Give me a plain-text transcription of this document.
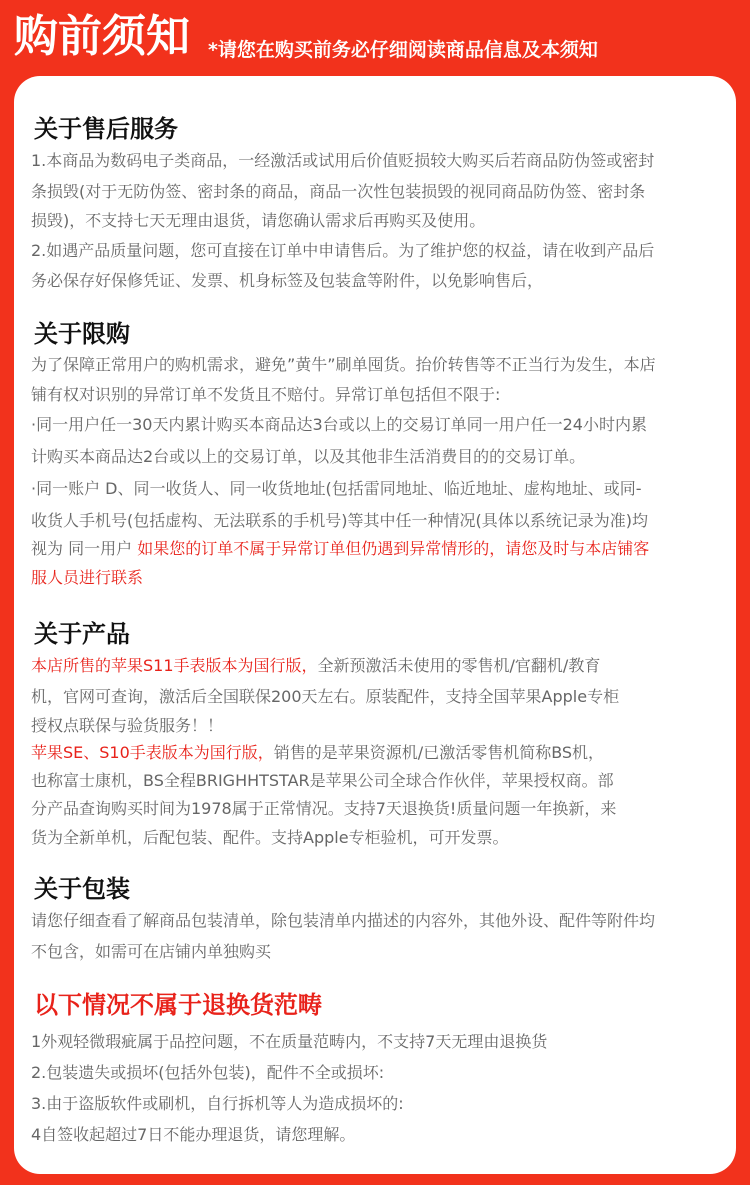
购前须知 *请您在购买前务必仔细阅读商品信息及本须知
关于售后服务
1.本商品为数码电子类商品，一经激活或试用后价值贬损较大购买后若商品防伪签或密封
条损毁(对于无防伪签、密封条的商品，商品一次性包装损毁的视同商品防伪签、密封条
损毁)，不支持七天无理由退货，请您确认需求后再购买及使用。
2.如遇产品质量问题，您可直接在订单中申请售后。为了维护您的权益，请在收到产品后
务必保存好保修凭证、发票、机身标签及包装盒等附件，以免影响售后，
关于限购
为了保障正常用户的购机需求，避免”黄牛”刷单囤货。抬价转售等不正当行为发生，本店
铺有权对识别的异常订单不发货且不赔付。异常订单包括但不限于:
·同一用户任一30天内累计购买本商品达3台或以上的交易订单同一用户任一24小时内累
计购买本商品达2台或以上的交易订单，以及其他非生活消费目的的交易订单。
·同一账户 D、同一收货人、同一收货地址(包括雷同地址、临近地址、虚构地址、或同-
收货人手机号(包括虚构、无法联系的手机号)等其中任一种情况(具体以系统记录为准)均
视为 同一用户 如果您的订单不属于异常订单但仍遇到异常情形的，请您及时与本店铺客
服人员进行联系
关于产品
本店所售的苹果S11手表版本为国行版，全新预激活未使用的零售机/官翻机/教育
机，官网可查询，激活后全国联保200天左右。原装配件，支持全国苹果Apple专柜
授权点联保与验货服务！！
苹果SE、S10手表版本为国行版，销售的是苹果资源机/已激活零售机简称BS机，
也称富士康机，BS全程BRIGHHTSTAR是苹果公司全球合作伙伴，苹果授权商。部
分产品查询购买时间为1978属于正常情况。支持7天退换货!质量问题一年换新，来
货为全新单机，后配包装、配件。支持Apple专柜验机，可开发票。
关于包装
请您仔细查看了解商品包装清单，除包装清单内描述的内容外，其他外设、配件等附件均
不包含，如需可在店铺内单独购买
以下情况不属于退换货范畴
1外观轻微瑕疵属于品控问题，不在质量范畴内，不支持7天无理由退换货
2.包装遗失或损坏(包括外包装)，配件不全或损坏:
3.由于盗版软件或刷机，自行拆机等人为造成损坏的:
4自签收起超过7日不能办理退货，请您理解。
